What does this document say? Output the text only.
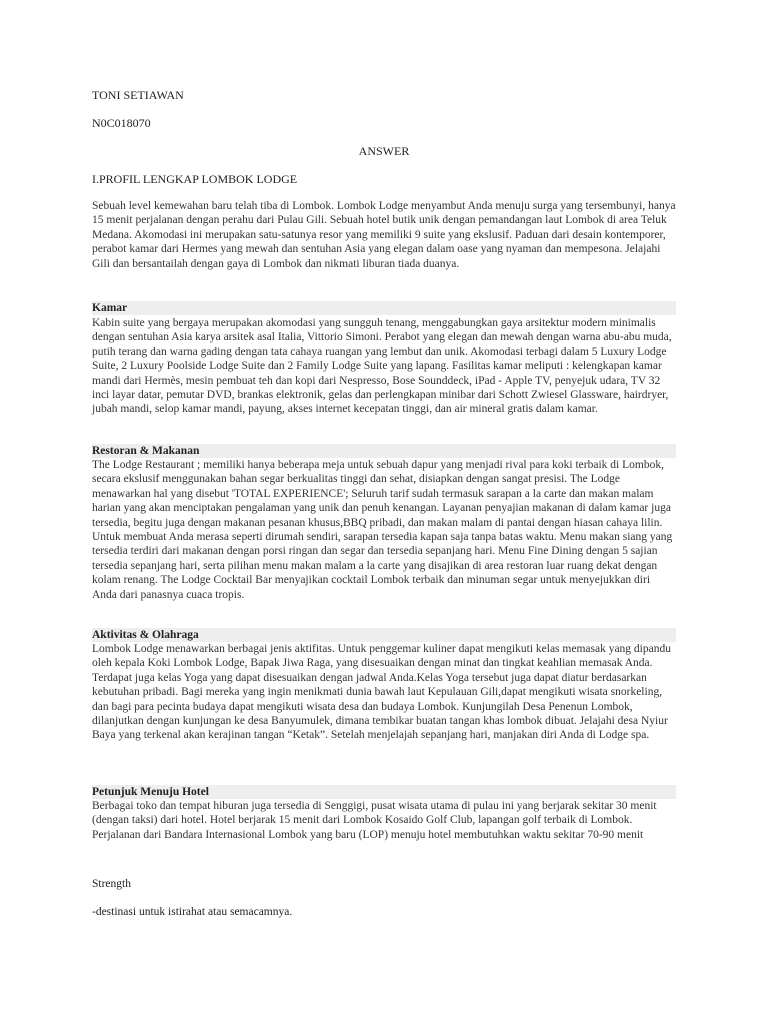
TONI SETIAWAN
N0C018070
ANSWER
I.PROFIL LENGKAP LOMBOK LODGE
Sebuah level kemewahan baru telah tiba di Lombok. Lombok Lodge menyambut Anda menuju surga yang tersembunyi, hanya 15 menit perjalanan dengan perahu dari Pulau Gili. Sebuah hotel butik unik dengan pemandangan laut Lombok di area Teluk Medana. Akomodasi ini merupakan satu-satunya resor yang memiliki 9 suite yang ekslusif. Paduan dari desain kontemporer, perabot kamar dari Hermes yang mewah dan sentuhan Asia yang elegan dalam oase yang nyaman dan mempesona. Jelajahi Gili dan bersantailah dengan gaya di Lombok dan nikmati liburan tiada duanya.
Kamar
Kabin suite yang bergaya merupakan akomodasi yang sungguh tenang, menggabungkan gaya arsitektur modern minimalis dengan sentuhan Asia karya arsitek asal Italia, Vittorio Simoni. Perabot yang elegan dan mewah dengan warna abu-abu muda, putih terang dan warna gading dengan tata cahaya ruangan yang lembut dan unik. Akomodasi terbagi dalam 5 Luxury Lodge Suite, 2 Luxury Poolside Lodge Suite dan 2 Family Lodge Suite yang lapang. Fasilitas kamar meliputi : kelengkapan kamar mandi dari Hermès, mesin pembuat teh dan kopi dari Nespresso, Bose Sounddeck, iPad - Apple TV, penyejuk udara, TV 32 inci layar datar, pemutar DVD, brankas elektronik, gelas dan perlengkapan minibar dari Schott Zwiesel Glassware, hairdryer, jubah mandi, selop kamar mandi, payung, akses internet kecepatan tinggi, dan air mineral gratis dalam kamar.
Restoran & Makanan
The Lodge Restaurant ; memiliki hanya beberapa meja untuk sebuah dapur yang menjadi rival para koki terbaik di Lombok, secara ekslusif menggunakan bahan segar berkualitas tinggi dan sehat, disiapkan dengan sangat presisi. The Lodge menawarkan hal yang disebut 'TOTAL EXPERIENCE'; Seluruh tarif sudah termasuk sarapan a la carte dan makan malam harian yang akan menciptakan pengalaman yang unik dan penuh kenangan. Layanan penyajian makanan di dalam kamar juga tersedia, begitu juga dengan makanan pesanan khusus,BBQ pribadi, dan makan malam di pantai dengan hiasan cahaya lilin. Untuk membuat Anda merasa seperti dirumah sendiri, sarapan tersedia kapan saja tanpa batas waktu. Menu makan siang yang tersedia terdiri dari makanan dengan porsi ringan dan segar dan tersedia sepanjang hari. Menu Fine Dining dengan 5 sajian tersedia sepanjang hari, serta pilihan menu makan malam a la carte yang disajikan di area restoran luar ruang dekat dengan kolam renang. The Lodge Cocktail Bar menyajikan cocktail Lombok terbaik dan minuman segar untuk menyejukkan diri Anda dari panasnya cuaca tropis.
Aktivitas & Olahraga
Lombok Lodge menawarkan berbagai jenis aktifitas. Untuk penggemar kuliner dapat mengikuti kelas memasak yang dipandu oleh kepala Koki Lombok Lodge, Bapak Jiwa Raga, yang disesuaikan dengan minat dan tingkat keahlian memasak Anda. Terdapat juga kelas Yoga yang dapat disesuaikan dengan jadwal Anda.Kelas Yoga tersebut juga dapat diatur berdasarkan kebutuhan pribadi. Bagi mereka yang ingin menikmati dunia bawah laut Kepulauan Gili,dapat mengikuti wisata snorkeling, dan bagi para pecinta budaya dapat mengikuti wisata desa dan budaya Lombok. Kunjungilah Desa Penenun Lombok, dilanjutkan dengan kunjungan ke desa Banyumulek, dimana tembikar buatan tangan khas lombok dibuat. Jelajahi desa Nyiur Baya yang terkenal akan kerajinan tangan “Ketak”. Setelah menjelajah sepanjang hari, manjakan diri Anda di Lodge spa.
Petunjuk Menuju Hotel
Berbagai toko dan tempat hiburan juga tersedia di Senggigi, pusat wisata utama di pulau ini yang berjarak sekitar 30 menit (dengan taksi) dari hotel. Hotel berjarak 15 menit dari Lombok Kosaido Golf Club, lapangan golf terbaik di Lombok. Perjalanan dari Bandara Internasional Lombok yang baru (LOP) menuju hotel membutuhkan waktu sekitar 70-90 menit
Strength
-destinasi untuk istirahat atau semacamnya.
